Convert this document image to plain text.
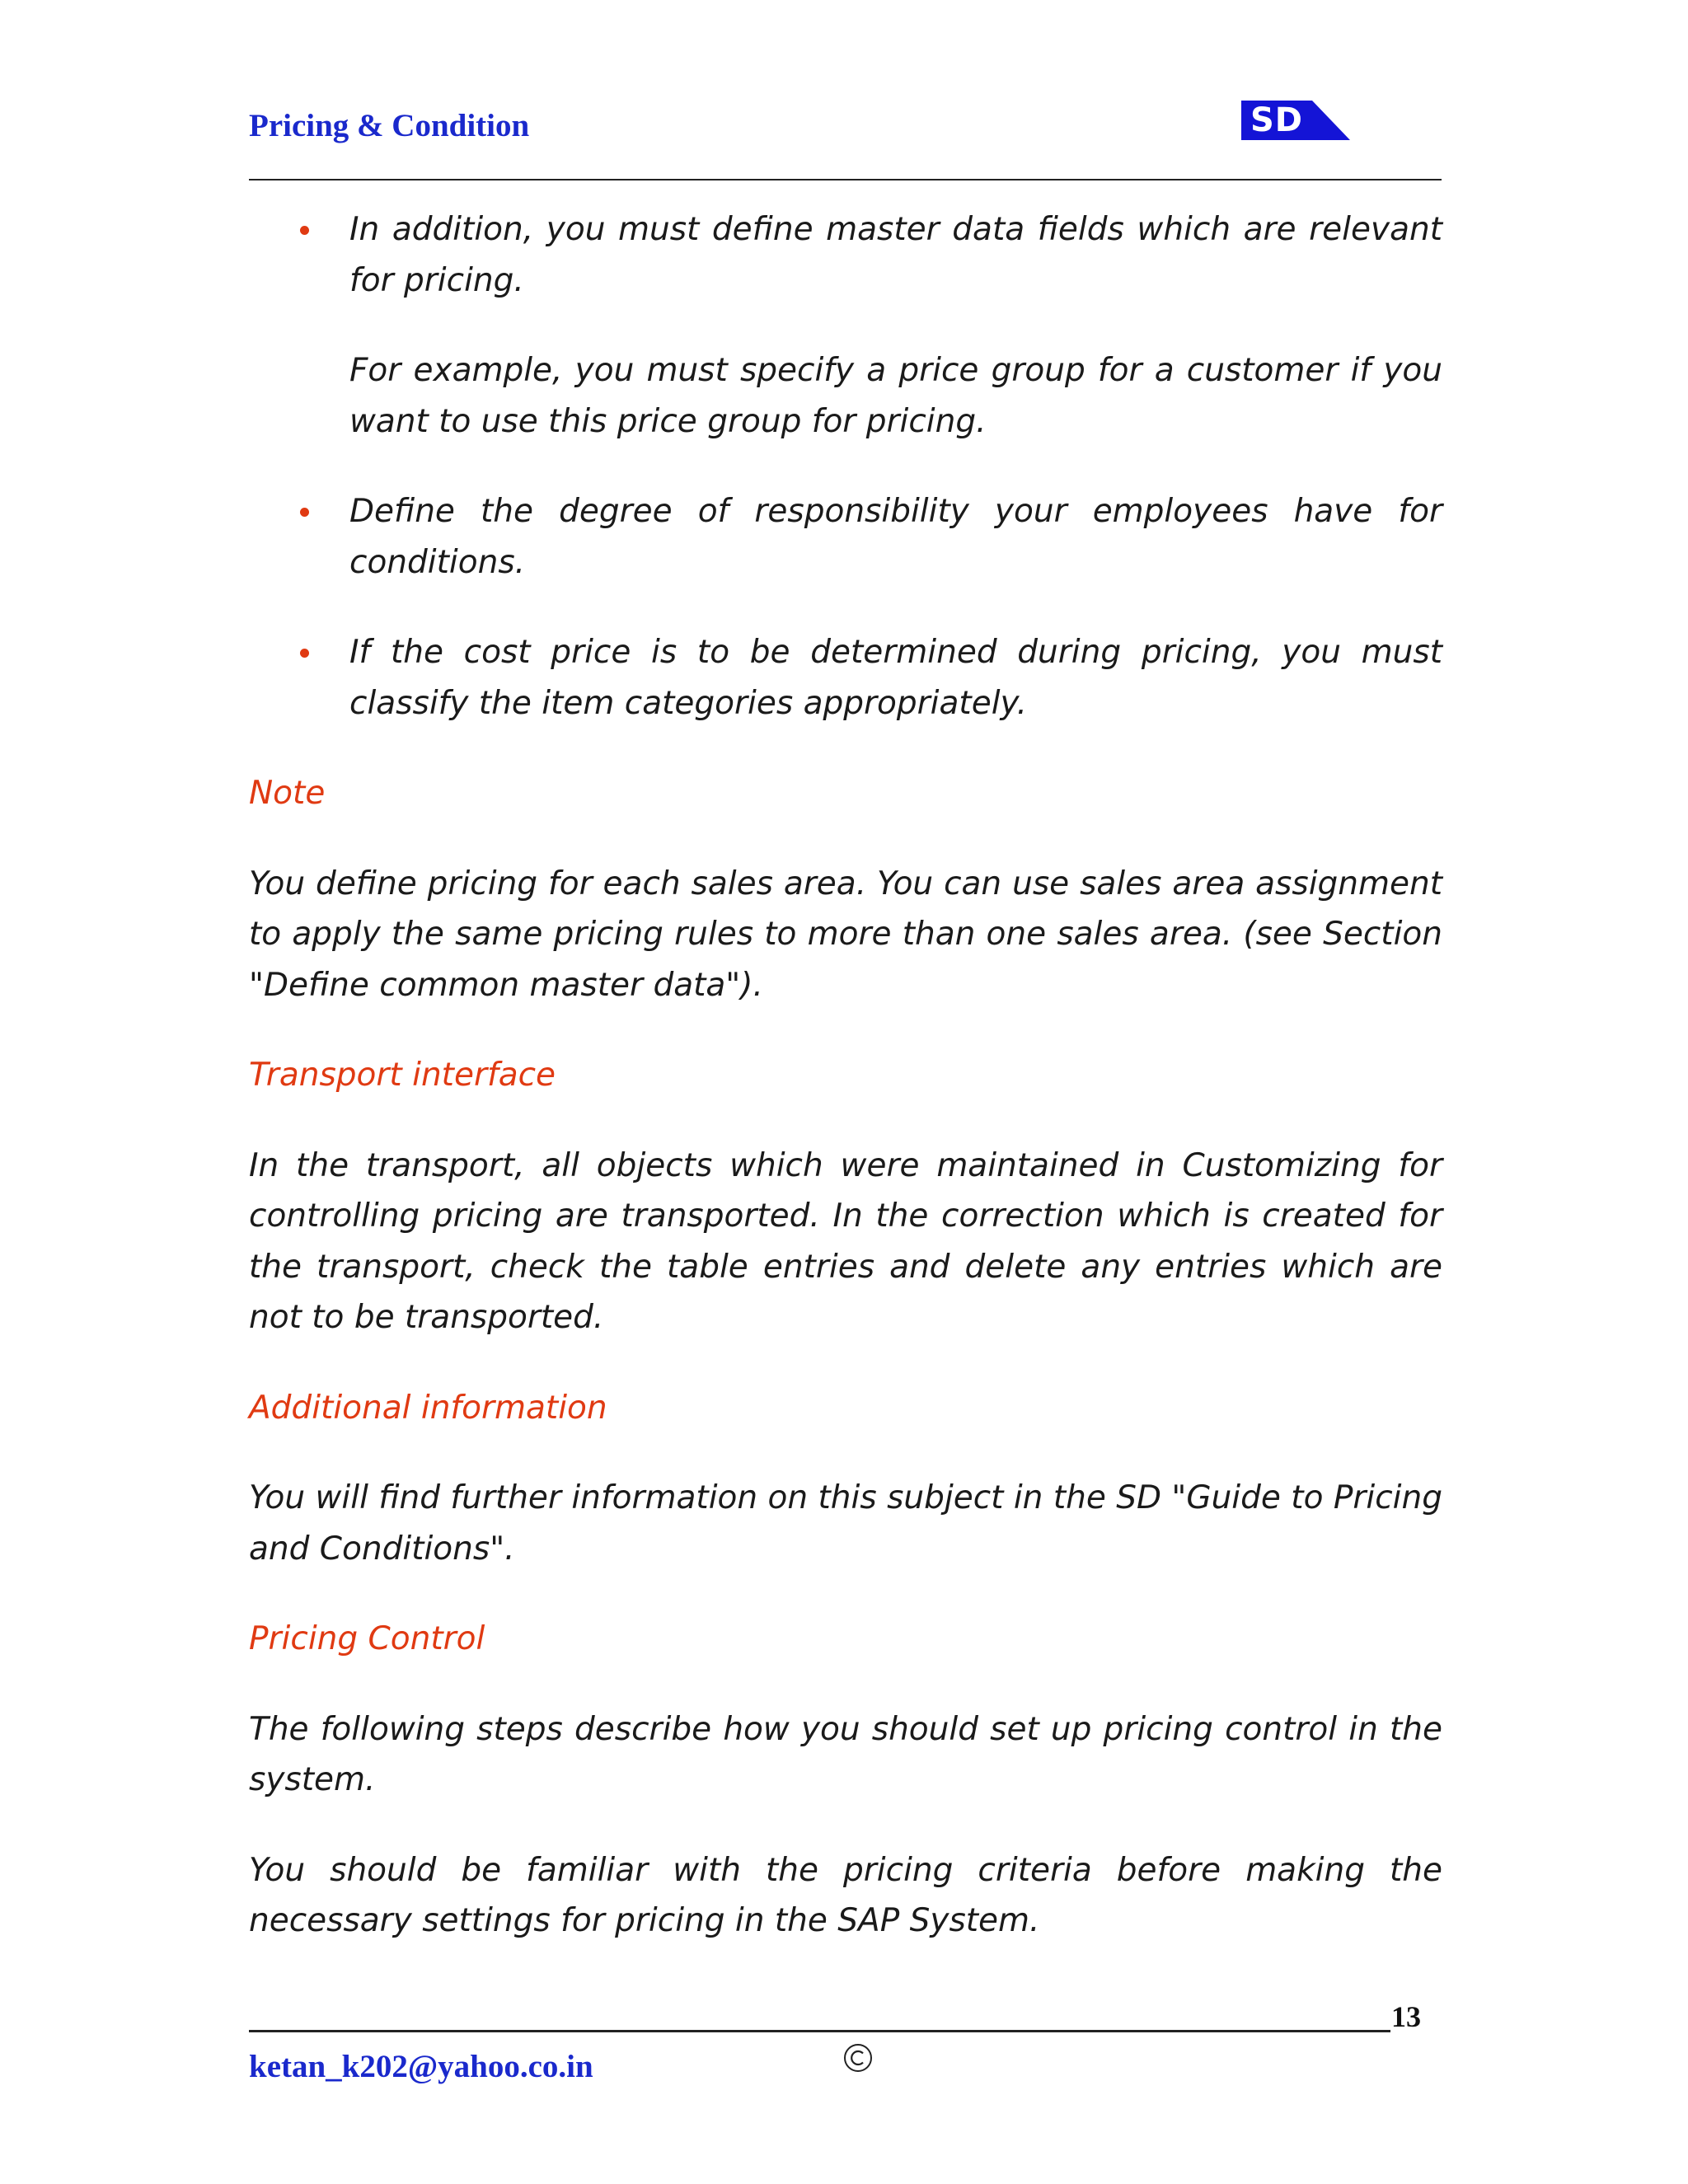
Pricing & Condition	SD
In addition, you must define master data fields which are relevant for pricing.

For example, you must specify a price group for a customer if you want to use this price group for pricing.

Define the degree of responsibility your employees have for conditions.
If the cost price is to be determined during pricing, you must classify the item categories appropriately.

Note

You define pricing for each sales area. You can use sales area assignment to apply the same pricing rules to more than one sales area. (see Section "Define common master data").

Transport interface

In the transport, all objects which were maintained in Customizing for controlling pricing are transported. In the correction which is created for the transport, check the table entries and delete any entries which are not to be transported.

Additional information

You will find further information on this subject in the SD "Guide to Pricing and Conditions".

Pricing Control

The following steps describe how you should set up pricing control in the system.

You should be familiar with the pricing criteria before making the necessary settings for pricing in the SAP System.

13
ketan_k202@yahoo.co.in
